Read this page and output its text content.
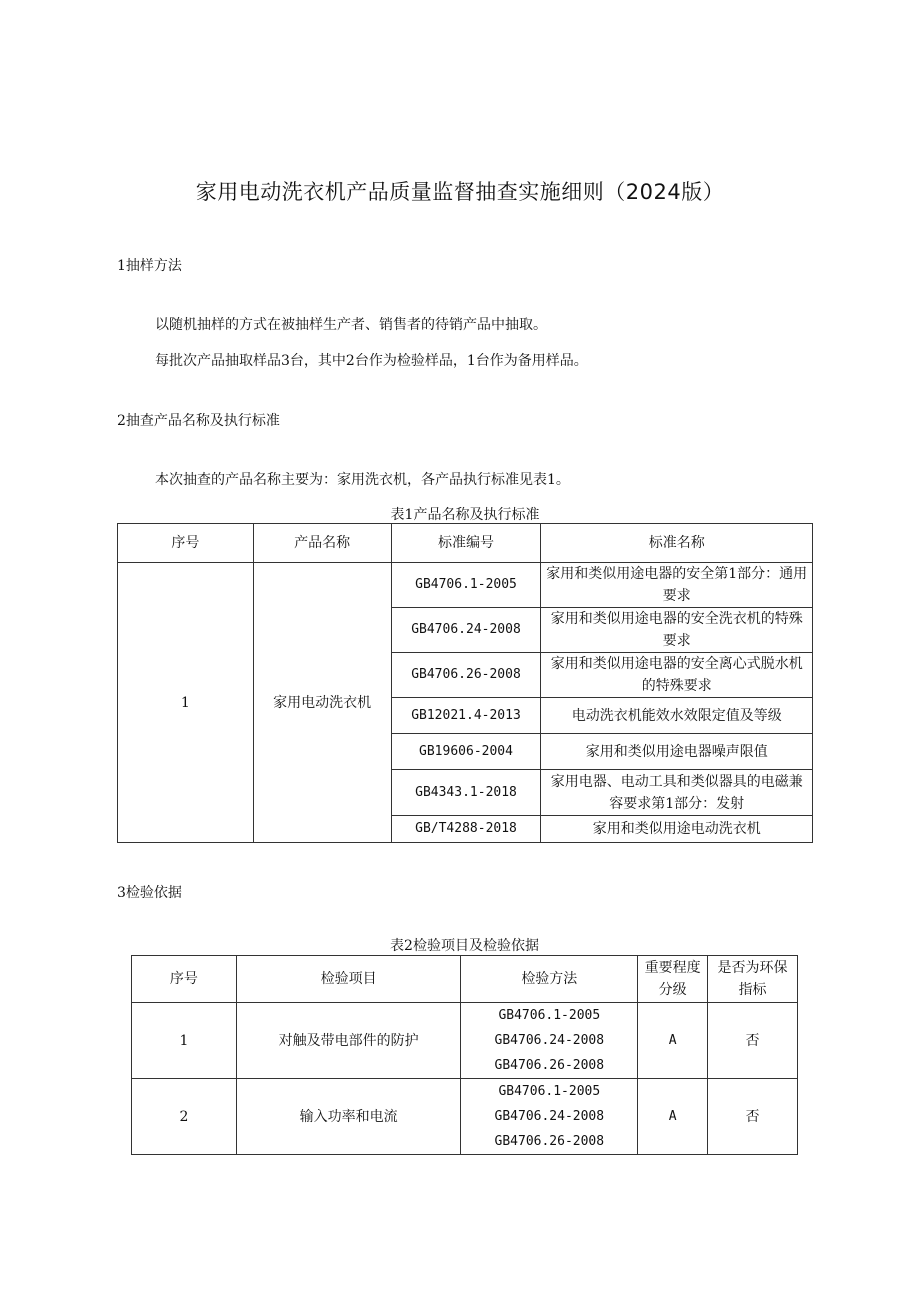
家用电动洗衣机产品质量监督抽查实施细则（2024版）
1抽样方法
以随机抽样的方式在被抽样生产者、销售者的待销产品中抽取。
每批次产品抽取样品3台，其中2台作为检验样品，1台作为备用样品。
2抽查产品名称及执行标准
本次抽查的产品名称主要为：家用洗衣机，各产品执行标准见表1。
表1产品名称及执行标准
序号	产品名称	标准编号	标准名称
1	家用电动洗衣机	GB4706.1-2005	家用和类似用途电器的安全第1部分：通用要求
		GB4706.24-2008	家用和类似用途电器的安全洗衣机的特殊要求
		GB4706.26-2008	家用和类似用途电器的安全离心式脱水机的特殊要求
		GB12021.4-2013	电动洗衣机能效水效限定值及等级
		GB19606-2004	家用和类似用途电器噪声限值
		GB4343.1-2018	家用电器、电动工具和类似器具的电磁兼容要求第1部分：发射
		GB/T4288-2018	家用和类似用途电动洗衣机
3检验依据
表2检验项目及检验依据
序号	检验项目	检验方法	重要程度分级	是否为环保指标
1	对触及带电部件的防护	GB4706.1-2005
GB4706.24-2008
GB4706.26-2008	A	否
2	输入功率和电流	GB4706.1-2005
GB4706.24-2008
GB4706.26-2008	A	否
